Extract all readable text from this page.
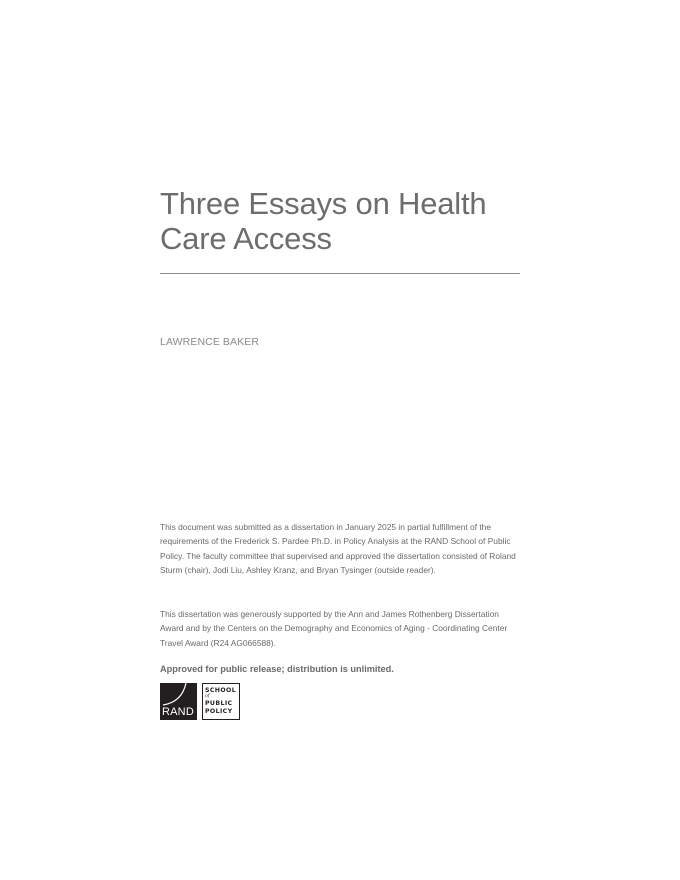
Three Essays on Health
Care Access
LAWRENCE BAKER

This document was submitted as a dissertation in January 2025 in partial fulfillment of the requirements of the Frederick S. Pardee Ph.D. in Policy Analysis at the RAND School of Public Policy. The faculty committee that supervised and approved the dissertation consisted of Roland Sturm (chair), Jodi Liu, Ashley Kranz, and Bryan Tysinger (outside reader).

This dissertation was generously supported by the Ann and James Rothenberg Dissertation Award and by the Centers on the Demography and Economics of Aging - Coordinating Center Travel Award (R24 AG066588).

Approved for public release; distribution is unlimited.
RAND
SCHOOL
of
PUBLIC
POLICY
